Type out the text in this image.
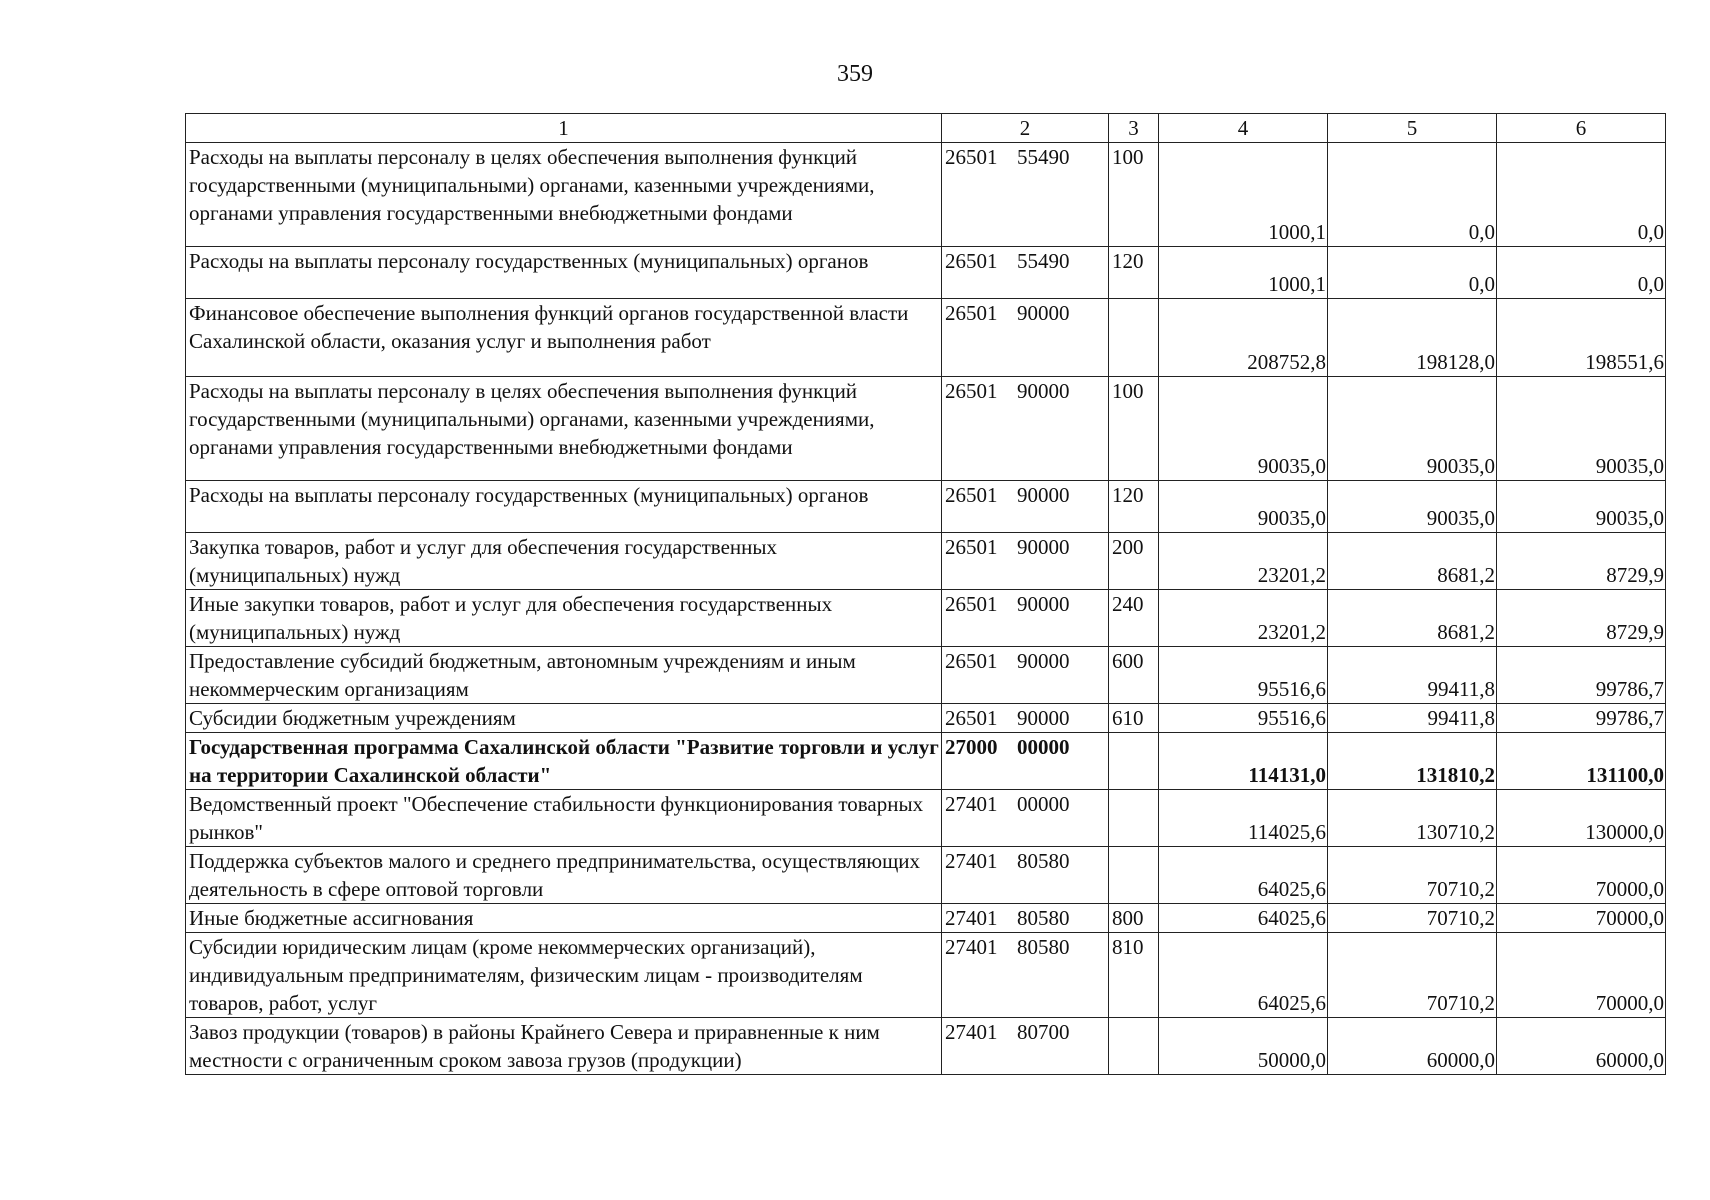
359
1	2	3	4	5	6
Расходы на выплаты персоналу в целях обеспечения выполнения функций государственными (муниципальными) органами, казенными учреждениями, органами управления государственными внебюджетными фондами	26501 55490	100	1000,1	0,0	0,0
Расходы на выплаты персоналу государственных (муниципальных) органов	26501 55490	120	1000,1	0,0	0,0
Финансовое обеспечение выполнения функций органов государственной власти Сахалинской области, оказания услуг и выполнения работ	26501 90000		208752,8	198128,0	198551,6
Расходы на выплаты персоналу в целях обеспечения выполнения функций государственными (муниципальными) органами, казенными учреждениями, органами управления государственными внебюджетными фондами	26501 90000	100	90035,0	90035,0	90035,0
Расходы на выплаты персоналу государственных (муниципальных) органов	26501 90000	120	90035,0	90035,0	90035,0
Закупка товаров, работ и услуг для обеспечения государственных (муниципальных) нужд	26501 90000	200	23201,2	8681,2	8729,9
Иные закупки товаров, работ и услуг для обеспечения государственных (муниципальных) нужд	26501 90000	240	23201,2	8681,2	8729,9
Предоставление субсидий бюджетным, автономным учреждениям и иным некоммерческим организациям	26501 90000	600	95516,6	99411,8	99786,7
Субсидии бюджетным учреждениям	26501 90000	610	95516,6	99411,8	99786,7
Государственная программа Сахалинской области "Развитие торговли и услуг на территории Сахалинской области"	27000 00000		114131,0	131810,2	131100,0
Ведомственный проект "Обеспечение стабильности функционирования товарных рынков"	27401 00000		114025,6	130710,2	130000,0
Поддержка субъектов малого и среднего предпринимательства, осуществляющих деятельность в сфере оптовой торговли	27401 80580		64025,6	70710,2	70000,0
Иные бюджетные ассигнования	27401 80580	800	64025,6	70710,2	70000,0
Субсидии юридическим лицам (кроме некоммерческих организаций), индивидуальным предпринимателям, физическим лицам - производителям товаров, работ, услуг	27401 80580	810	64025,6	70710,2	70000,0
Завоз продукции (товаров) в районы Крайнего Севера и приравненные к ним местности с ограниченным сроком завоза грузов (продукции)	27401 80700		50000,0	60000,0	60000,0
